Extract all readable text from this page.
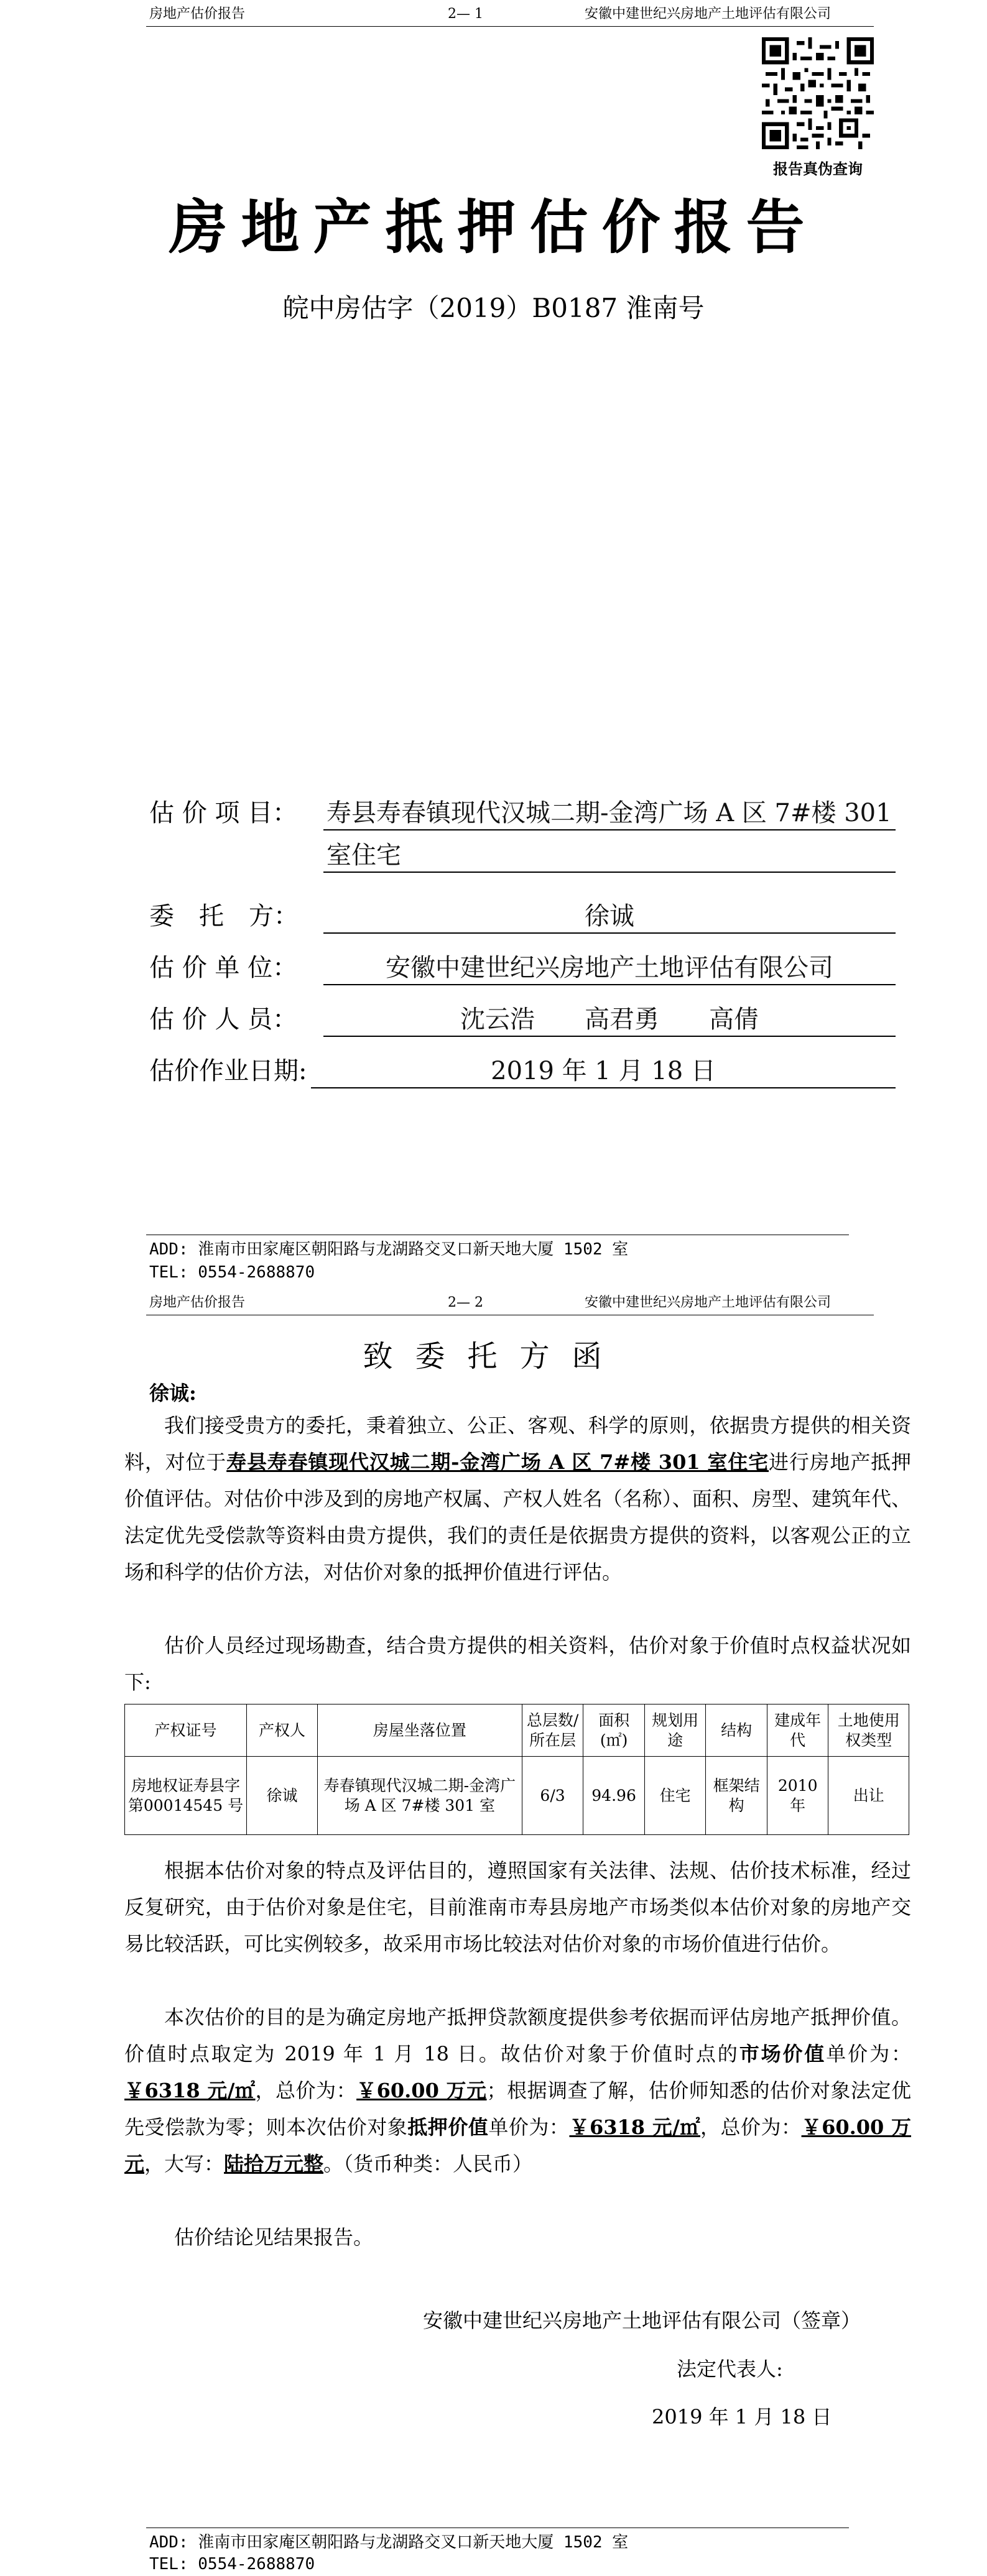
房地产估价报告	2— 1	安徽中建世纪兴房地产土地评估有限公司
报告真伪查询
房地产抵押估价报告
皖中房估字（2019）B0187 淮南号
估 价 项 目： 寿县寿春镇现代汉城二期-金湾广场 A 区 7#楼 301
室住宅
委　托　方：	徐诚
估 价 单 位：	安徽中建世纪兴房地产土地评估有限公司
估 价 人 员：	沈云浩　　高君勇　　高倩
估价作业日期:	2019 年 1 月 18 日
ADD: 淮南市田家庵区朝阳路与龙湖路交叉口新天地大厦 1502 室
TEL: 0554-2688870
房地产估价报告	2— 2	安徽中建世纪兴房地产土地评估有限公司
致委托方函
徐诚:
我们接受贵方的委托，秉着独立、公正、客观、科学的原则，依据贵方提供的相关资料，对位于寿县寿春镇现代汉城二期-金湾广场 A 区 7#楼 301 室住宅进行房地产抵押价值评估。对估价中涉及到的房地产权属、产权人姓名（名称）、面积、房型、建筑年代、法定优先受偿款等资料由贵方提供，我们的责任是依据贵方提供的资料，以客观公正的立场和科学的估价方法，对估价对象的抵押价值进行评估。
估价人员经过现场勘查，结合贵方提供的相关资料，估价对象于价值时点权益状况如下:
产权证号	产权人	房屋坐落位置	总层数/所在层	面积(㎡)	规划用途	结构	建成年代	土地使用权类型
房地权证寿县字第00014545 号	徐诚	寿春镇现代汉城二期-金湾广场 A 区 7#楼 301 室	6/3	94.96	住宅	框架结构	2010 年	出让
根据本估价对象的特点及评估目的，遵照国家有关法律、法规、估价技术标准，经过反复研究，由于估价对象是住宅，目前淮南市寿县房地产市场类似本估价对象的房地产交易比较活跃，可比实例较多，故采用市场比较法对估价对象的市场价值进行估价。
本次估价的目的是为确定房地产抵押贷款额度提供参考依据而评估房地产抵押价值。价值时点取定为 2019 年 1 月 18 日。故估价对象于价值时点的市场价值单价为：￥6318 元/㎡，总价为：￥60.00 万元；根据调查了解，估价师知悉的估价对象法定优先受偿款为零；则本次估价对象抵押价值单价为：￥6318 元/㎡，总价为：￥60.00 万元，大写：陆拾万元整。（货币种类：人民币）
估价结论见结果报告。
安徽中建世纪兴房地产土地评估有限公司（签章）
法定代表人:
2019 年 1 月 18 日
ADD: 淮南市田家庵区朝阳路与龙湖路交叉口新天地大厦 1502 室
TEL: 0554-2688870
